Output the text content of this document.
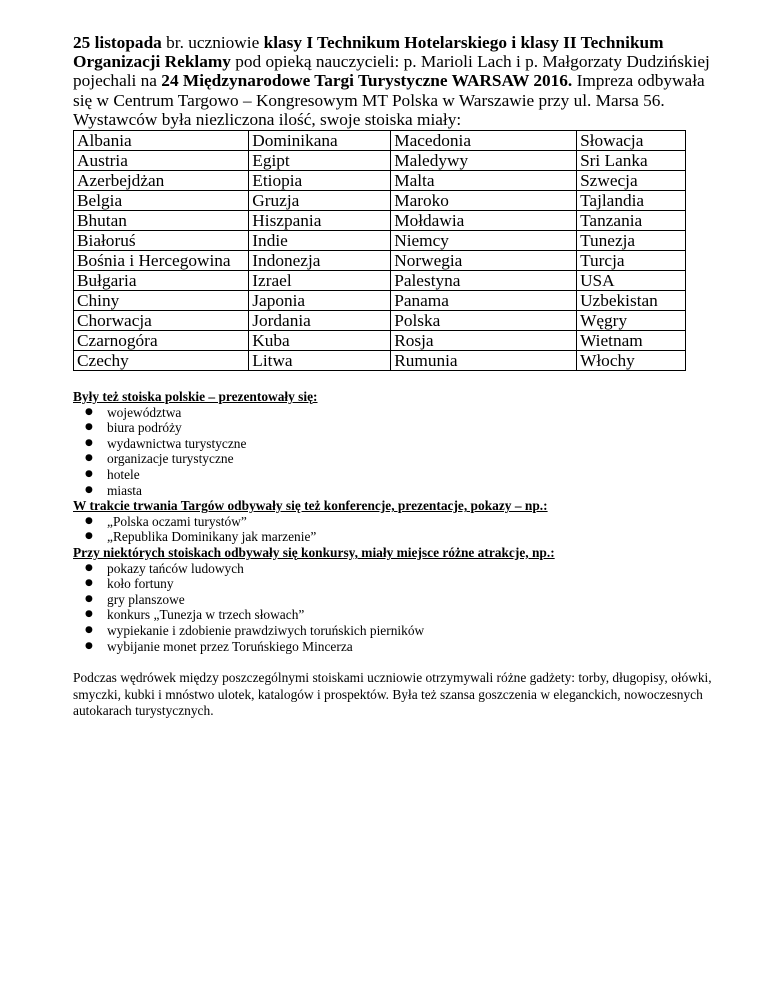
25 listopada br. uczniowie klasy I Technikum Hotelarskiego i klasy II Technikum Organizacji Reklamy pod opieką nauczycieli: p. Marioli Lach i p. Małgorzaty Dudzińskiej pojechali na 24 Międzynarodowe Targi Turystyczne WARSAW 2016. Impreza odbywała się w Centrum Targowo – Kongresowym MT Polska w Warszawie przy ul. Marsa 56. Wystawców była niezliczona ilość, swoje stoiska miały:

Albania	Dominikana	Macedonia	Słowacja
Austria	Egipt	Maledywy	Sri Lanka
Azerbejdżan	Etiopia	Malta	Szwecja
Belgia	Gruzja	Maroko	Tajlandia
Bhutan	Hiszpania	Mołdawia	Tanzania
Białoruś	Indie	Niemcy	Tunezja
Bośnia i Hercegowina	Indonezja	Norwegia	Turcja
Bułgaria	Izrael	Palestyna	USA
Chiny	Japonia	Panama	Uzbekistan
Chorwacja	Jordania	Polska	Węgry
Czarnogóra	Kuba	Rosja	Wietnam
Czechy	Litwa	Rumunia	Włochy

Były też stoiska polskie – prezentowały się:

● województwa
● biura podróży
● wydawnictwa turystyczne
● organizacje turystyczne
● hotele
● miasta

W trakcie trwania Targów odbywały się też konferencje, prezentacje, pokazy – np.:

● „Polska oczami turystów”
● „Republika Dominikany jak marzenie”

Przy niektórych stoiskach odbywały się konkursy, miały miejsce różne atrakcje, np.:

● pokazy tańców ludowych
● koło fortuny
● gry planszowe
● konkurs „Tunezja w trzech słowach”
● wypiekanie i zdobienie prawdziwych toruńskich pierników
● wybijanie monet przez Toruńskiego Mincerza

Podczas wędrówek między poszczególnymi stoiskami uczniowie otrzymywali różne gadżety: torby, długopisy, ołówki, smyczki, kubki i mnóstwo ulotek, katalogów i prospektów. Była też szansa goszczenia w eleganckich, nowoczesnych autokarach turystycznych.
